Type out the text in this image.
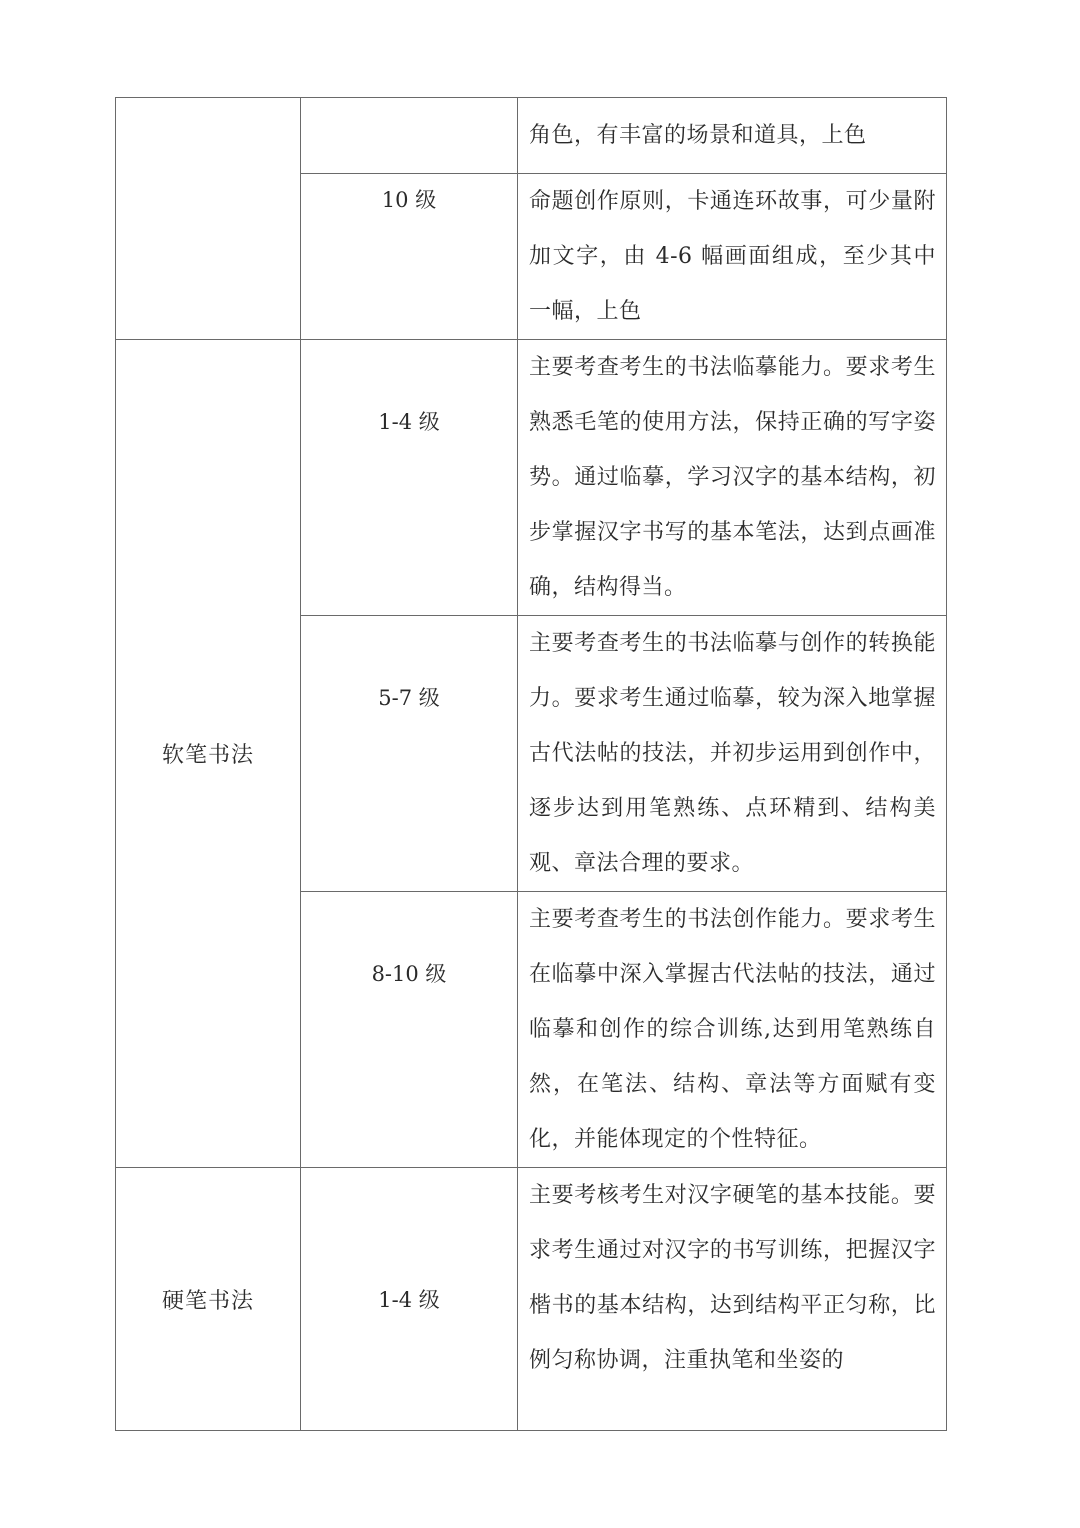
		角色，有丰富的场景和道具，上色

	10 级	命题创作原则，卡通连环故事，可少量附加文字，由 4-6 幅画面组成，至少其中一幅，上色

软笔书法	1-4 级	主要考查考生的书法临摹能力。要求考生熟悉毛笔的使用方法，保持正确的写字姿势。通过临摹，学习汉字的基本结构，初步掌握汉字书写的基本笔法，达到点画准确，结构得当。

	5-7 级	主要考查考生的书法临摹与创作的转换能力。要求考生通过临摹，较为深入地掌握古代法帖的技法，并初步运用到创作中，逐步达到用笔熟练、点环精到、结构美观、章法合理的要求。

	8-10 级	主要考查考生的书法创作能力。要求考生在临摹中深入掌握古代法帖的技法，通过临摹和创作的综合训练,达到用笔熟练自然，在笔法、结构、章法等方面赋有变化，并能体现定的个性特征。

硬笔书法	1-4 级	主要考核考生对汉字硬笔的基本技能。要求考生通过对汉字的书写训练，把握汉字楷书的基本结构，达到结构平正匀称，比例匀称协调，注重执笔和坐姿的
